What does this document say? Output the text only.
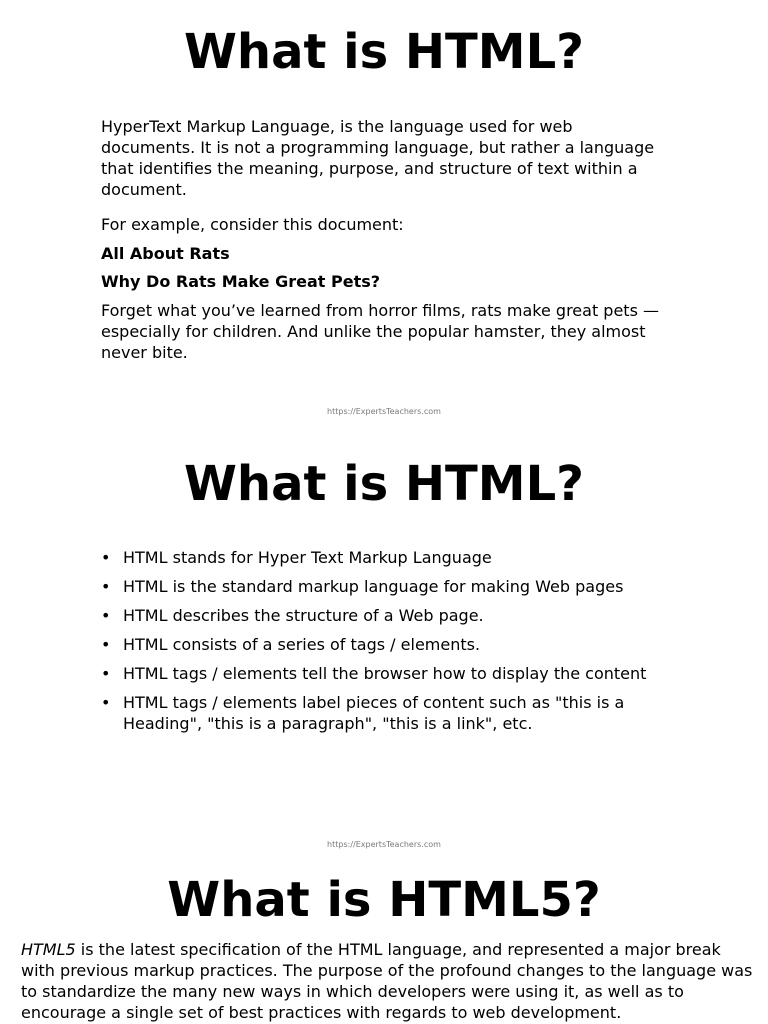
What is HTML?

HyperText Markup Language, is the language used for web documents. It is not a programming language, but rather a language that identifies the meaning, purpose, and structure of text within a document.

For example, consider this document:

All About Rats

Why Do Rats Make Great Pets?

Forget what you’ve learned from horror films, rats make great pets — especially for children. And unlike the popular hamster, they almost never bite.

https://ExpertsTeachers.com
What is HTML?
• HTML stands for Hyper Text Markup Language
• HTML is the standard markup language for making Web pages
• HTML describes the structure of a Web page.
• HTML consists of a series of tags / elements.
• HTML tags / elements tell the browser how to display the content
• HTML tags / elements label pieces of content such as "this is a Heading", "this is a paragraph", "this is a link", etc.
https://ExpertsTeachers.com
What is HTML5?

HTML5 is the latest specification of the HTML language, and represented a major break with previous markup practices. The purpose of the profound changes to the language was to standardize the many new ways in which developers were using it, as well as to encourage a single set of best practices with regards to web development.
